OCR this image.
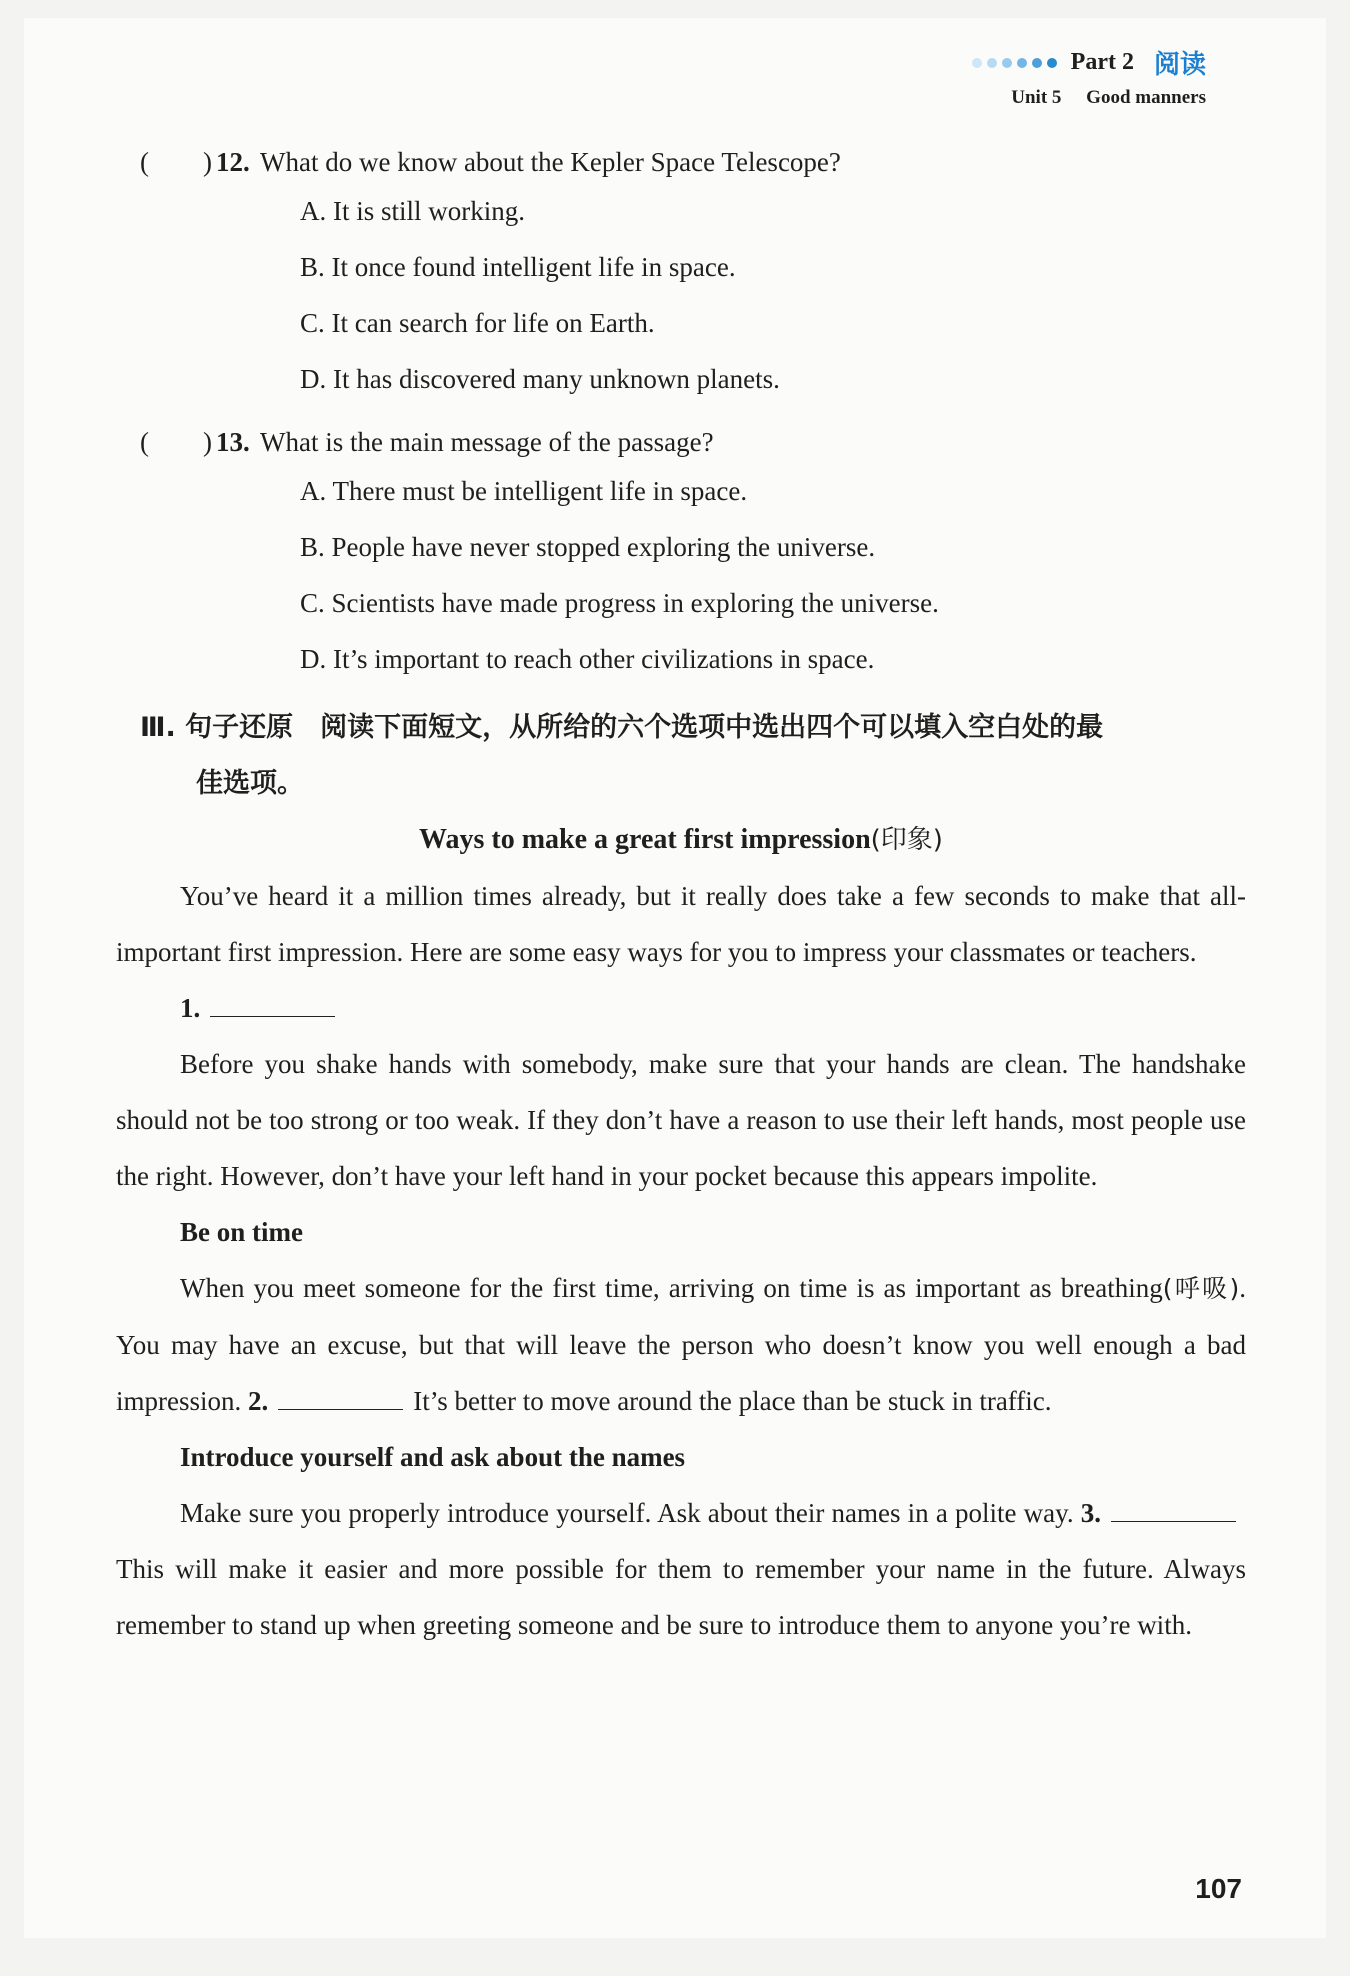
Part 2 阅读
Unit 5 Good manners
(　　) 12. What do we know about the Kepler Space Telescope?
A. It is still working.
B. It once found intelligent life in space.
C. It can search for life on Earth.
D. It has discovered many unknown planets.
(　　) 13. What is the main message of the passage?
A. There must be intelligent life in space.
B. People have never stopped exploring the universe.
C. Scientists have made progress in exploring the universe.
D. It’s important to reach other civilizations in space.
Ⅲ. 句子还原　阅读下面短文，从所给的六个选项中选出四个可以填入空白处的最
佳选项。
Ways to make a great first impression(印象)

You’ve heard it a million times already, but it really does take a few seconds to make that all-important first impression. Here are some easy ways for you to impress your classmates or teachers.

1.

Before you shake hands with somebody, make sure that your hands are clean. The handshake should not be too strong or too weak. If they don’t have a reason to use their left hands, most people use the right. However, don’t have your left hand in your pocket because this appears impolite.

Be on time

When you meet someone for the first time, arriving on time is as important as breathing(呼吸). You may have an excuse, but that will leave the person who doesn’t know you well enough a bad impression. 2.	It’s better to move around the place than be stuck in traffic.

Introduce yourself and ask about the names

Make sure you properly introduce yourself. Ask about their names in a polite way. 3.This will make it easier and more possible for them to remember your name in the future. Always remember to stand up when greeting someone and be sure to introduce them to anyone you’re with.

107
